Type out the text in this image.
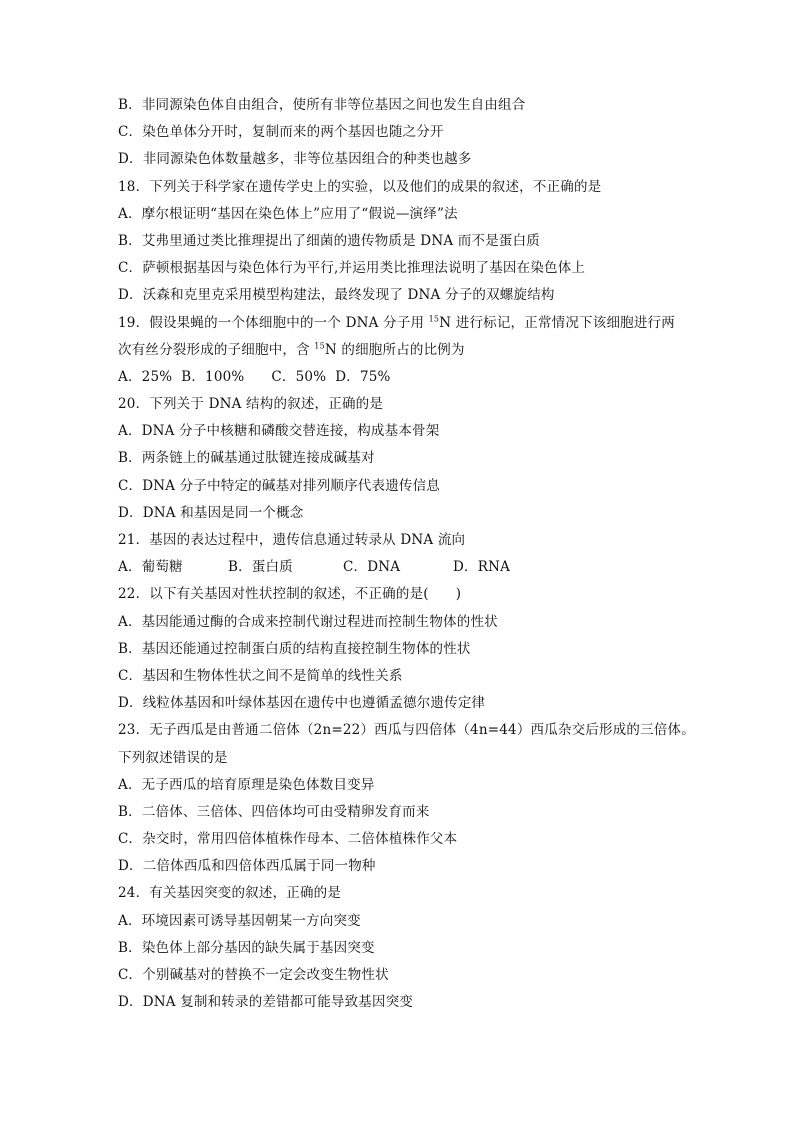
B．非同源染色体自由组合，使所有非等位基因之间也发生自由组合
C．染色单体分开时，复制而来的两个基因也随之分开
D．非同源染色体数量越多，非等位基因组合的种类也越多
18．下列关于科学家在遗传学史上的实验，以及他们的成果的叙述，不正确的是
A．摩尔根证明“基因在染色体上”应用了“假说—演绎”法
B．艾弗里通过类比推理提出了细菌的遗传物质是 DNA 而不是蛋白质
C．萨顿根据基因与染色体行为平行,并运用类比推理法说明了基因在染色体上
D．沃森和克里克采用模型构建法，最终发现了 DNA 分子的双螺旋结构
19．假设果蝇的一个体细胞中的一个 DNA 分子用 $^{15}$N 进行标记，正常情况下该细胞进行两
次有丝分裂形成的子细胞中，含 $^{15}$N 的细胞所占的比例为
A．25%  B．100%      C．50%  D．75%
20．下列关于 DNA 结构的叙述，正确的是
A．DNA 分子中核糖和磷酸交替连接，构成基本骨架
B．两条链上的碱基通过肽键连接成碱基对
C．DNA 分子中特定的碱基对排列顺序代表遗传信息
D．DNA 和基因是同一个概念
21．基因的表达过程中，遗传信息通过转录从 DNA 流向
A．葡萄糖	B．蛋白质	C．DNA	D．RNA
22．以下有关基因对性状控制的叙述，不正确的是(      )
A．基因能通过酶的合成来控制代谢过程进而控制生物体的性状
B．基因还能通过控制蛋白质的结构直接控制生物体的性状
C．基因和生物体性状之间不是简单的线性关系
D．线粒体基因和叶绿体基因在遗传中也遵循孟德尔遗传定律
23．无子西瓜是由普通二倍体（2n=22）西瓜与四倍体（4n=44）西瓜杂交后形成的三倍体。
下列叙述错误的是
A．无子西瓜的培育原理是染色体数目变异
B．二倍体、三倍体、四倍体均可由受精卵发育而来
C．杂交时，常用四倍体植株作母本、二倍体植株作父本
D．二倍体西瓜和四倍体西瓜属于同一物种
24．有关基因突变的叙述，正确的是
A．环境因素可诱导基因朝某一方向突变
B．染色体上部分基因的缺失属于基因突变
C．个别碱基对的替换不一定会改变生物性状
D．DNA 复制和转录的差错都可能导致基因突变
